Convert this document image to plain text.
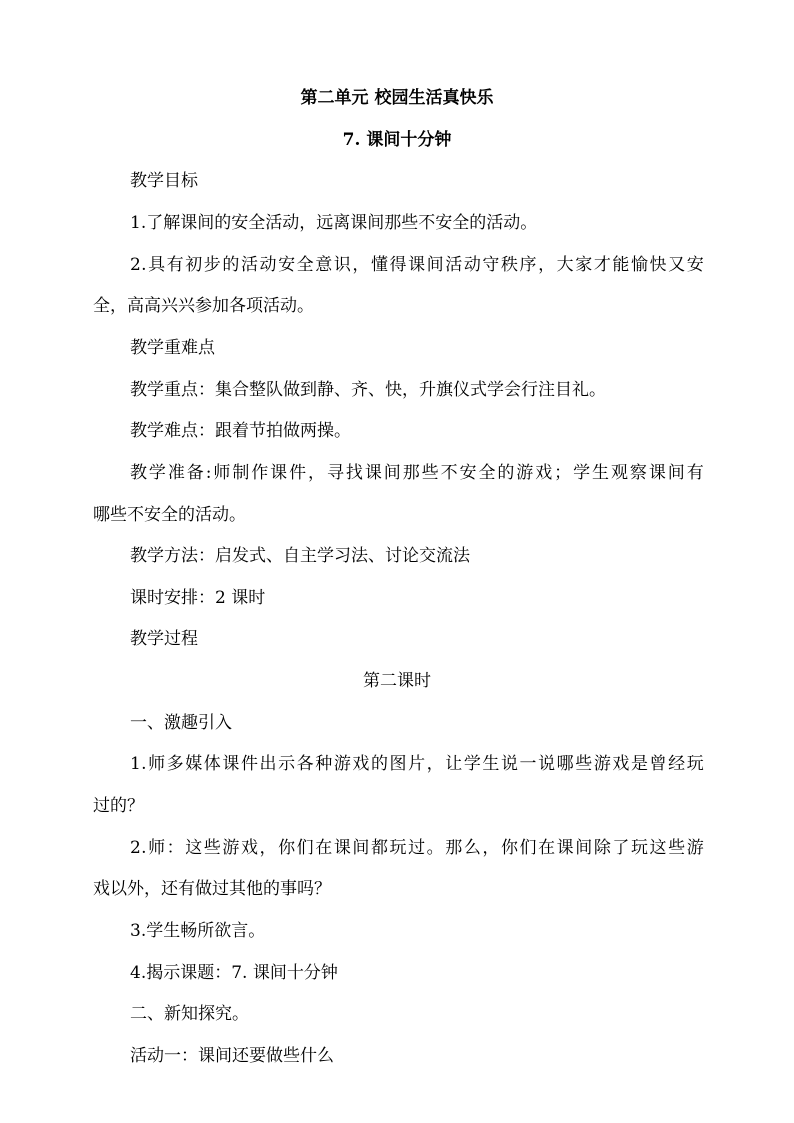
第二单元 校园生活真快乐
7. 课间十分钟
教学目标
1.了解课间的安全活动，远离课间那些不安全的活动。
2.具有初步的活动安全意识，懂得课间活动守秩序，大家才能愉快又安
全，高高兴兴参加各项活动。
教学重难点
教学重点：集合整队做到静、齐、快，升旗仪式学会行注目礼。
教学难点：跟着节拍做两操。
教学准备:师制作课件，寻找课间那些不安全的游戏；学生观察课间有
哪些不安全的活动。
教学方法：启发式、自主学习法、讨论交流法
课时安排：2 课时
教学过程
第二课时
一、激趣引入
1.师多媒体课件出示各种游戏的图片，让学生说一说哪些游戏是曾经玩
过的？
2.师：这些游戏，你们在课间都玩过。那么，你们在课间除了玩这些游
戏以外，还有做过其他的事吗？
3.学生畅所欲言。
4.揭示课题：7. 课间十分钟
二、新知探究。
活动一：课间还要做些什么
